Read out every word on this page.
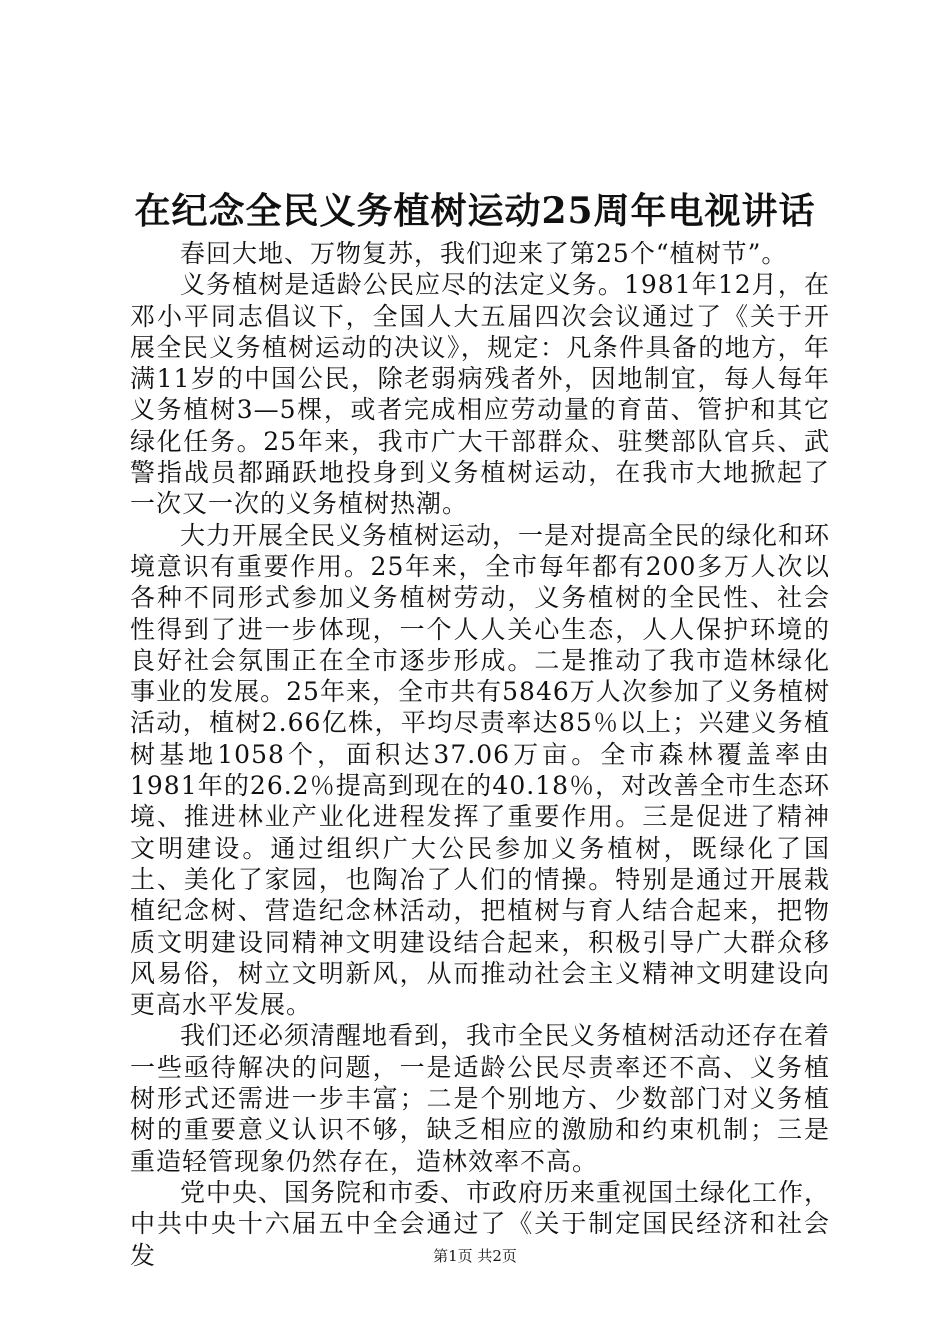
在纪念全民义务植树运动25周年电视讲话

春回大地、万物复苏，我们迎来了第25个“植树节”。

义务植树是适龄公民应尽的法定义务。1981年12月，在邓小平同志倡议下，全国人大五届四次会议通过了《关于开展全民义务植树运动的决议》，规定：凡条件具备的地方，年满11岁的中国公民，除老弱病残者外，因地制宜，每人每年义务植树3—5棵，或者完成相应劳动量的育苗、管护和其它绿化任务。25年来，我市广大干部群众、驻樊部队官兵、武警指战员都踊跃地投身到义务植树运动，在我市大地掀起了一次又一次的义务植树热潮。

大力开展全民义务植树运动，一是对提高全民的绿化和环境意识有重要作用。25年来，全市每年都有200多万人次以各种不同形式参加义务植树劳动，义务植树的全民性、社会性得到了进一步体现，一个人人关心生态，人人保护环境的良好社会氛围正在全市逐步形成。二是推动了我市造林绿化事业的发展。25年来，全市共有5846万人次参加了义务植树活动，植树2.66亿株，平均尽责率达85％以上；兴建义务植树基地1058个，面积达37.06万亩。全市森林覆盖率由1981年的26.2％提高到现在的40.18％，对改善全市生态环境、推进林业产业化进程发挥了重要作用。三是促进了精神文明建设。通过组织广大公民参加义务植树，既绿化了国土、美化了家园，也陶冶了人们的情操。特别是通过开展栽植纪念树、营造纪念林活动，把植树与育人结合起来，把物质文明建设同精神文明建设结合起来，积极引导广大群众移风易俗，树立文明新风，从而推动社会主义精神文明建设向更高水平发展。

我们还必须清醒地看到，我市全民义务植树活动还存在着一些亟待解决的问题，一是适龄公民尽责率还不高、义务植树形式还需进一步丰富；二是个别地方、少数部门对义务植树的重要意义认识不够，缺乏相应的激励和约束机制；三是重造轻管现象仍然存在，造林效率不高。

党中央、国务院和市委、市政府历来重视国土绿化工作，中共中央十六届五中全会通过了《关于制定国民经济和社会发	第1页 共2页
